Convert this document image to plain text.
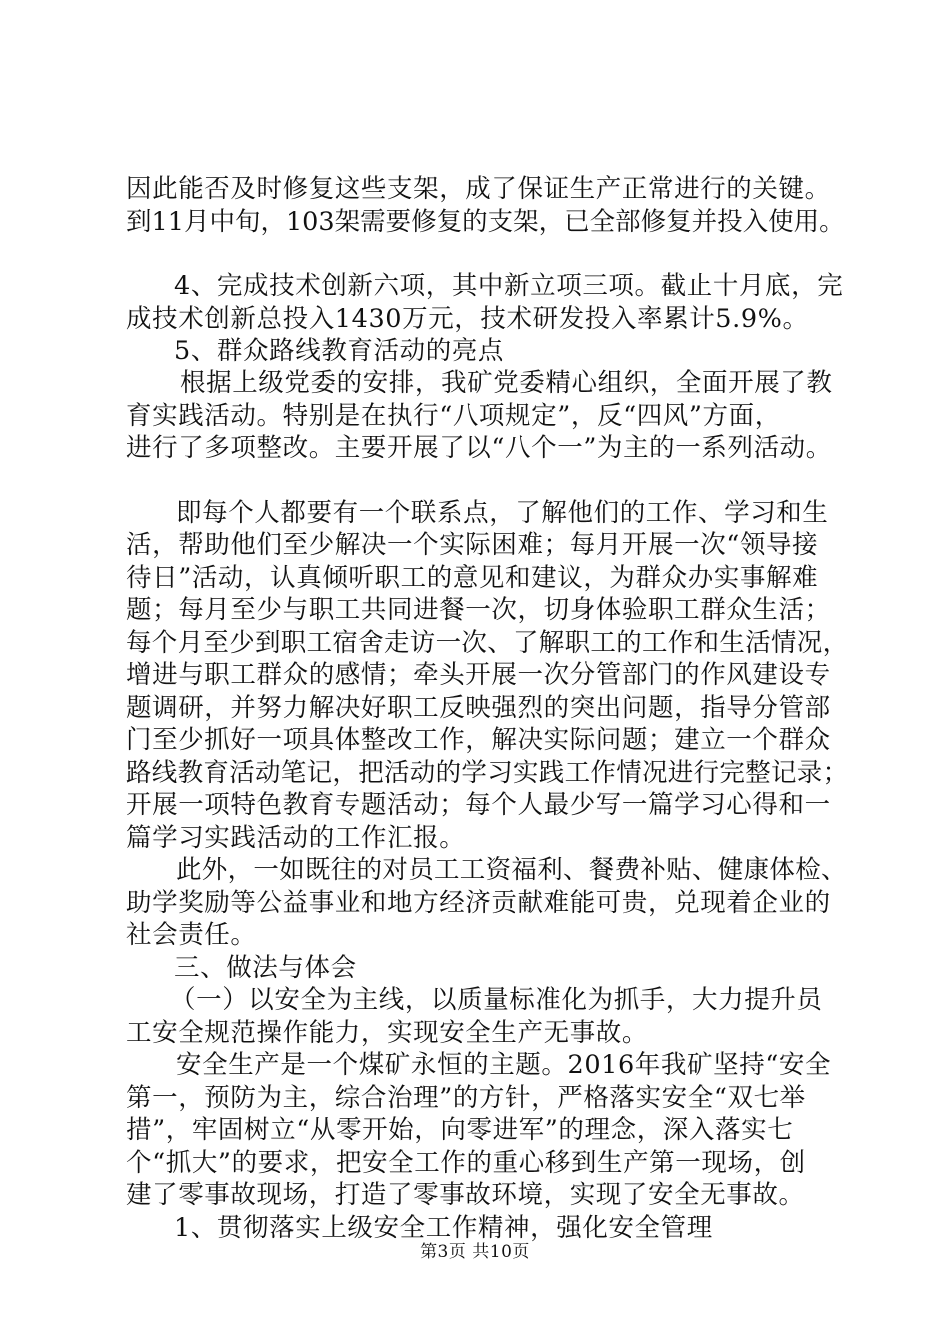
因此能否及时修复这些支架，成了保证生产正常进行的关键。
到11月中旬，103架需要修复的支架，已全部修复并投入使用。
4、完成技术创新六项，其中新立项三项。截止十月底，完
成技术创新总投入1430万元，技术研发投入率累计5.9%。
5、群众路线教育活动的亮点
根据上级党委的安排，我矿党委精心组织，全面开展了教
育实践活动。特别是在执行“八项规定”，反“四风”方面，
进行了多项整改。主要开展了以“八个一”为主的一系列活动。
即每个人都要有一个联系点，了解他们的工作、学习和生
活，帮助他们至少解决一个实际困难；每月开展一次“领导接
待日”活动，认真倾听职工的意见和建议，为群众办实事解难
题；每月至少与职工共同进餐一次，切身体验职工群众生活；
每个月至少到职工宿舍走访一次、了解职工的工作和生活情况，
增进与职工群众的感情；牵头开展一次分管部门的作风建设专
题调研，并努力解决好职工反映强烈的突出问题，指导分管部
门至少抓好一项具体整改工作，解决实际问题；建立一个群众
路线教育活动笔记，把活动的学习实践工作情况进行完整记录；
开展一项特色教育专题活动；每个人最少写一篇学习心得和一
篇学习实践活动的工作汇报。
此外，一如既往的对员工工资福利、餐费补贴、健康体检、
助学奖励等公益事业和地方经济贡献难能可贵，兑现着企业的
社会责任。
三、做法与体会
（一）以安全为主线，以质量标准化为抓手，大力提升员
工安全规范操作能力，实现安全生产无事故。
安全生产是一个煤矿永恒的主题。2016年我矿坚持“安全
第一，预防为主，综合治理”的方针，严格落实安全“双七举
措”，牢固树立“从零开始，向零进军”的理念，深入落实七
个“抓大”的要求，把安全工作的重心移到生产第一现场，创
建了零事故现场，打造了零事故环境，实现了安全无事故。
1、贯彻落实上级安全工作精神，强化安全管理
第3页 共10页
